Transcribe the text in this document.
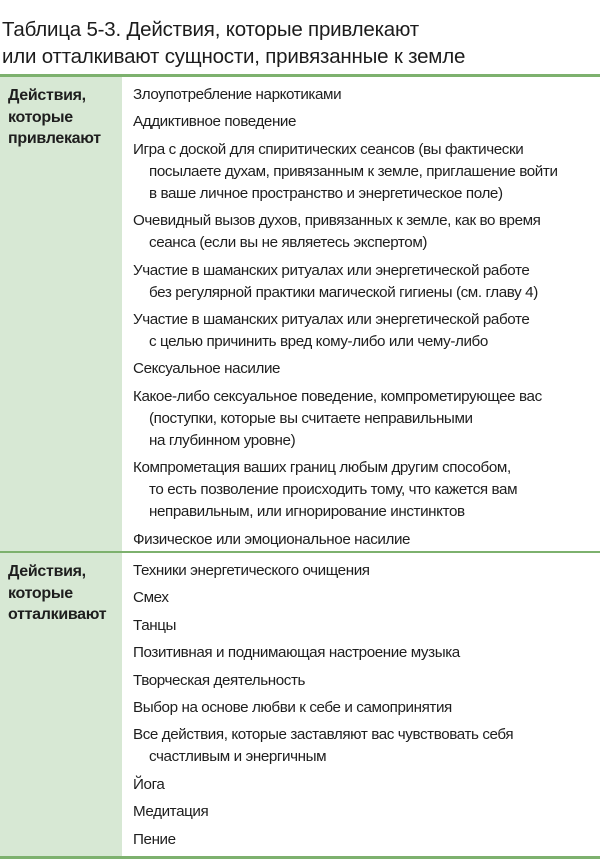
Таблица 5-3. Действия, которые привлекают
или отталкивают сущности, привязанные к земле
Действия,
которые
привлекают
Злоупотребление наркотиками
Аддиктивное поведение
Игра с доской для спиритических сеансов (вы фактически
посылаете духам, привязанным к земле, приглашение войти
в ваше личное пространство и энергетическое поле)
Очевидный вызов духов, привязанных к земле, как во время
сеанса (если вы не являетесь экспертом)
Участие в шаманских ритуалах или энергетической работе
без регулярной практики магической гигиены (см. главу 4)
Участие в шаманских ритуалах или энергетической работе
с целью причинить вред кому-либо или чему-либо
Сексуальное насилие
Какое-либо сексуальное поведение, компрометирующее вас
(поступки, которые вы считаете неправильными
на глубинном уровне)
Компрометация ваших границ любым другим способом,
то есть позволение происходить тому, что кажется вам
неправильным, или игнорирование инстинктов
Физическое или эмоциональное насилие
Действия,
которые
отталкивают
Техники энергетического очищения
Смех
Танцы
Позитивная и поднимающая настроение музыка
Творческая деятельность
Выбор на основе любви к себе и самопринятия
Все действия, которые заставляют вас чувствовать себя
счастливым и энергичным
Йога
Медитация
Пение
